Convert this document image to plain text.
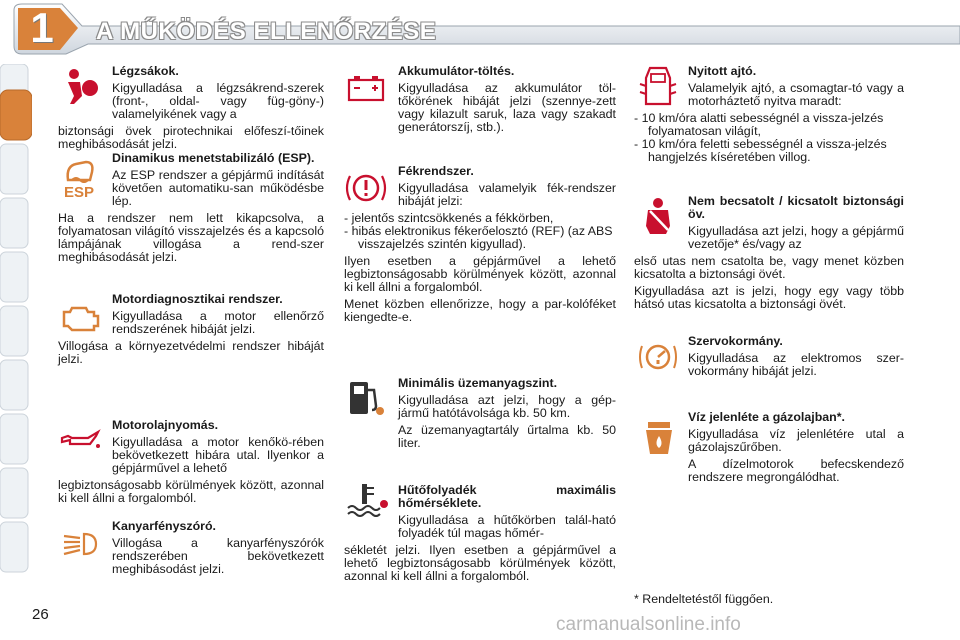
1	A MŰKÖDÉS ELLENŐRZÉSE

Légzsákok.

Kigyulladása a légzsákrend-szerek (front-, oldal- vagy füg-göny-) valamelyikének vagy a

biztonsági övek pirotechnikai előfeszí-tőinek meghibásodását jelzi.

ESP

Dinamikus menetstabilizáló (ESP).

Az ESP rendszer a gépjármű indítását követően automatiku-san működésbe lép.

Ha a rendszer nem lett kikapcsolva, a folyamatosan világító visszajelzés és a kapcsoló lámpájának villogása a rend-szer meghibásodását jelzi.

Motordiagnosztikai rendszer.

Kigyulladása a motor ellenőrző rendszerének hibáját jelzi.

Villogása a környezetvédelmi rendszer hibáját jelzi.

Motorolajnyomás.

Kigyulladása a motor kenőkö-rében bekövetkezett hibára utal. Ilyenkor a gépjárművel a lehető

legbiztonságosabb körülmények között, azonnal ki kell állni a forgalomból.

Kanyarfényszóró.

Villogása a kanyarfényszórók rendszerében bekövetkezett meghibásodást jelzi.

Akkumulátor-töltés.

Kigyulladása az akkumulátor töl-tőkörének hibáját jelzi (szennye-zett vagy kilazult saruk, laza vagy szakadt generátorszíj, stb.).

Fékrendszer.

Kigyulladása valamelyik fék-rendszer hibáját jelzi:

- jelentős szintcsökkenés a fékkörben,
- hibás elektronikus fékerőelosztó (REF) (az ABS visszajelzés szintén kigyullad).

Ilyen esetben a gépjárművel a lehető legbiztonságosabb körülmények között, azonnal ki kell állni a forgalomból.

Menet közben ellenőrizze, hogy a par-kolóféket kiengedte-e.

Minimális üzemanyagszint.

Kigyulladása azt jelzi, hogy a gép-jármű hatótávolsága kb. 50 km.

Az üzemanyagtartály űrtalma kb. 50 liter.

Hűtőfolyadék maximális hőmérséklete.

Kigyulladása a hűtőkörben talál-ható folyadék túl magas hőmér-

sékletét jelzi. Ilyen esetben a gépjárművel a lehető legbiztonságosabb körülmények között, azonnal ki kell állni a forgalomból.

Nyitott ajtó.

Valamelyik ajtó, a csomagtar-tó vagy a motorháztető nyitva maradt:

- 10 km/óra alatti sebességnél a vissza-jelzés folyamatosan világít,
- 10 km/óra feletti sebességnél a vissza-jelzés hangjelzés kíséretében villog.

Nem becsatolt / kicsatolt biztonsági öv.

Kigyulladása azt jelzi, hogy a gépjármű vezetője* és/vagy az

első utas nem csatolta be, vagy menet közben kicsatolta a biztonsági övét.

Kigyulladása azt is jelzi, hogy egy vagy több hátsó utas kicsatolta a biztonsági övét.

Szervokormány.

Kigyulladása az elektromos szer-vokormány hibáját jelzi.

Víz jelenléte a gázolajban*.

Kigyulladása víz jelenlétére utal a gázolajszűrőben.

A dízelmotorok befecskendező rendszere megrongálódhat.

* Rendeltetéstől függően.
26	carmanualsonline.info
